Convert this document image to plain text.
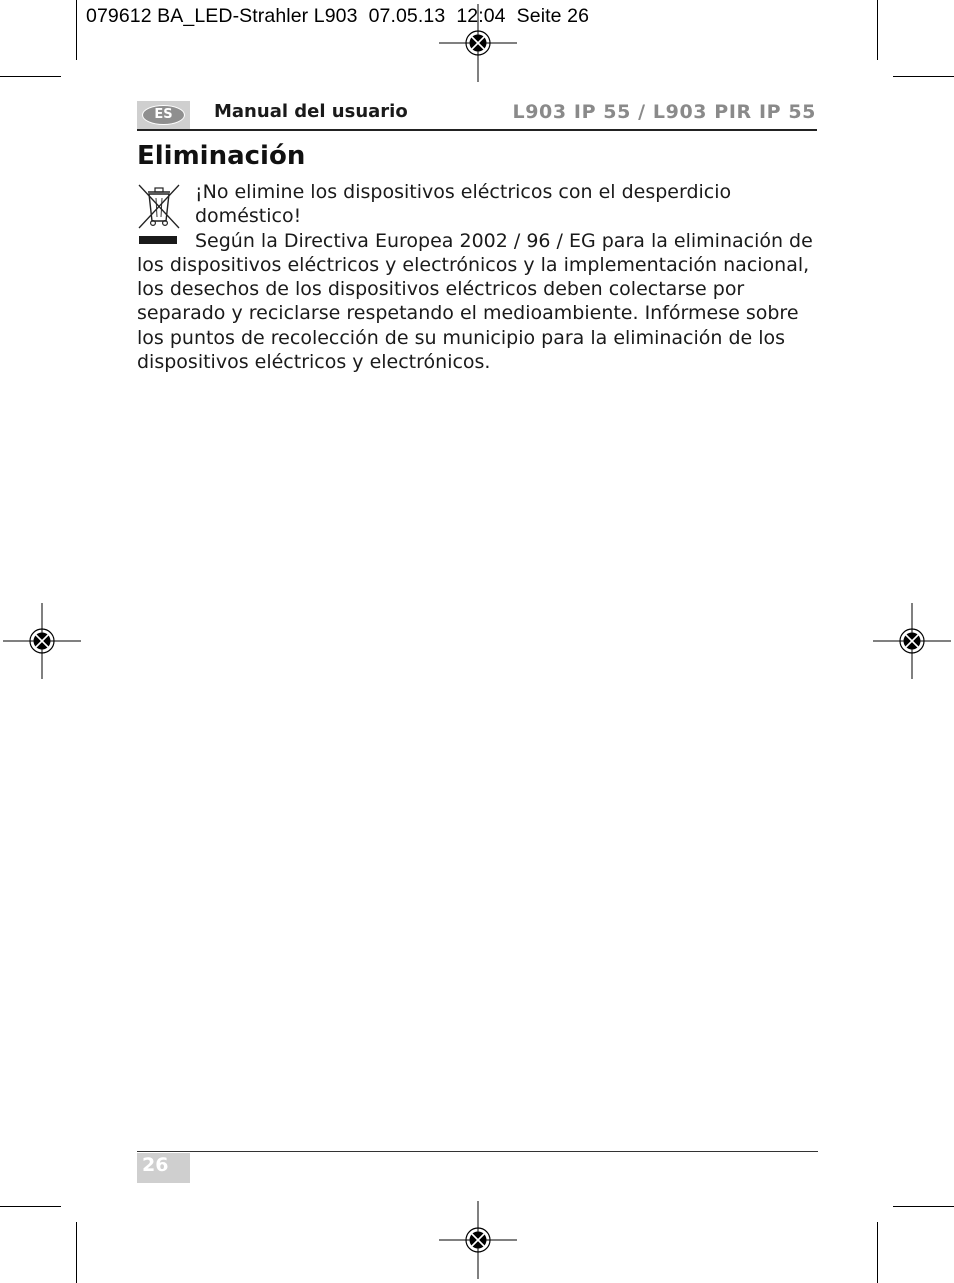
079612 BA_LED-Strahler L903  07.05.13  12:04  Seite 26
ES	Manual del usuario	L903 IP 55 / L903 PIR IP 55
Eliminación
¡No elimine los dispositivos eléctricos con el desperdicio doméstico!
Según la Directiva Europea 2002 / 96 / EG para la eliminación de los dispositivos eléctricos y electrónicos y la implementación nacional, los desechos de los dispositivos eléctricos deben colectarse por separado y reciclarse respetando el medioambiente. Infórmese sobre los puntos de recolección de su municipio para la eliminación de los dispositivos eléctricos y electrónicos.
26
